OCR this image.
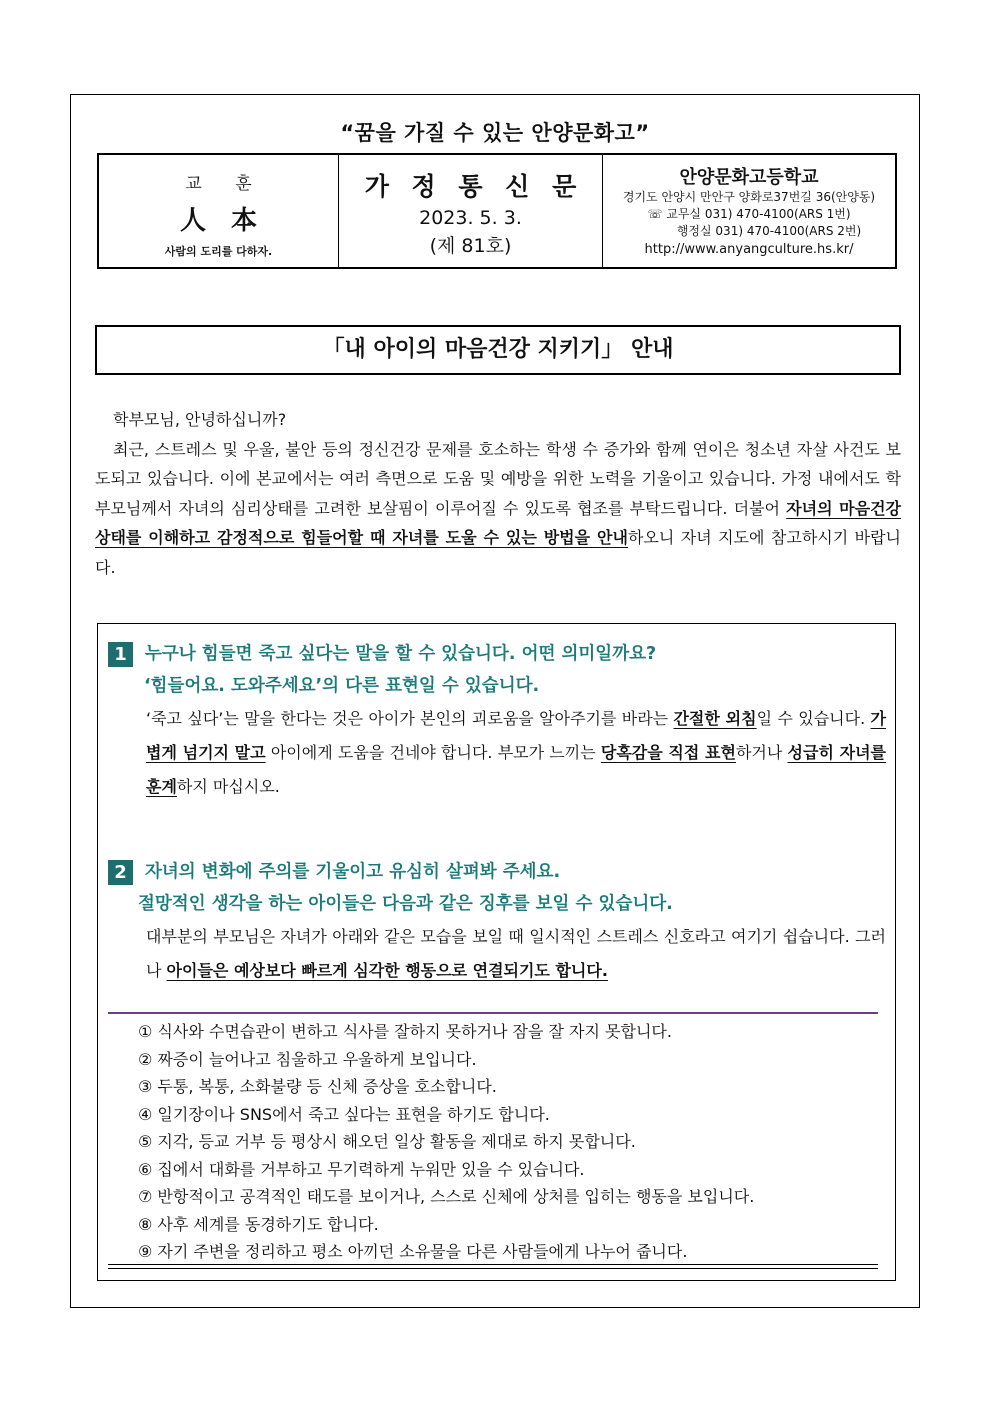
“꿈을 가질 수 있는 안양문화고”
교 훈
人 本
사람의 도리를 다하자.
가 정 통 신 문
2023. 5. 3.
(제 81호)
안양문화고등학교
경기도 안양시 만안구 양화로37번길 36(안양동)
☏ 교무실 031) 470-4100(ARS 1번)
행정실 031) 470-4100(ARS 2번)
http://www.anyangculture.hs.kr/
「내 아이의 마음건강 지키기」 안내

학부모님, 안녕하십니까?

최근, 스트레스 및 우울, 불안 등의 정신건강 문제를 호소하는 학생 수 증가와 함께 연이은 청소년 자살 사건도 보도되고 있습니다. 이에 본교에서는 여러 측면으로 도움 및 예방을 위한 노력을 기울이고 있습니다. 가정 내에서도 학부모님께서 자녀의 심리상태를 고려한 보살핌이 이루어질 수 있도록 협조를 부탁드립니다. 더불어 자녀의 마음건강 상태를 이해하고 감정적으로 힘들어할 때 자녀를 도울 수 있는 방법을 안내하오니 자녀 지도에 참고하시기 바랍니다.

1 누구나 힘들면 죽고 싶다는 말을 할 수 있습니다. 어떤 의미일까요?
‘힘들어요. 도와주세요’의 다른 표현일 수 있습니다.
‘죽고 싶다’는 말을 한다는 것은 아이가 본인의 괴로움을 알아주기를 바라는 간절한 외침일 수 있습니다. 가볍게 넘기지 말고 아이에게 도움을 건네야 합니다. 부모가 느끼는 당혹감을 직접 표현하거나 성급히 자녀를 훈계하지 마십시오.
2 자녀의 변화에 주의를 기울이고 유심히 살펴봐 주세요.
절망적인 생각을 하는 아이들은 다음과 같은 징후를 보일 수 있습니다.
대부분의 부모님은 자녀가 아래와 같은 모습을 보일 때 일시적인 스트레스 신호라고 여기기 쉽습니다. 그러나 아이들은 예상보다 빠르게 심각한 행동으로 연결되기도 합니다.
① 식사와 수면습관이 변하고 식사를 잘하지 못하거나 잠을 잘 자지 못합니다.
② 짜증이 늘어나고 침울하고 우울하게 보입니다.
③ 두통, 복통, 소화불량 등 신체 증상을 호소합니다.
④ 일기장이나 SNS에서 죽고 싶다는 표현을 하기도 합니다.
⑤ 지각, 등교 거부 등 평상시 해오던 일상 활동을 제대로 하지 못합니다.
⑥ 집에서 대화를 거부하고 무기력하게 누워만 있을 수 있습니다.
⑦ 반항적이고 공격적인 태도를 보이거나, 스스로 신체에 상처를 입히는 행동을 보입니다.
⑧ 사후 세계를 동경하기도 합니다.
⑨ 자기 주변을 정리하고 평소 아끼던 소유물을 다른 사람들에게 나누어 줍니다.
